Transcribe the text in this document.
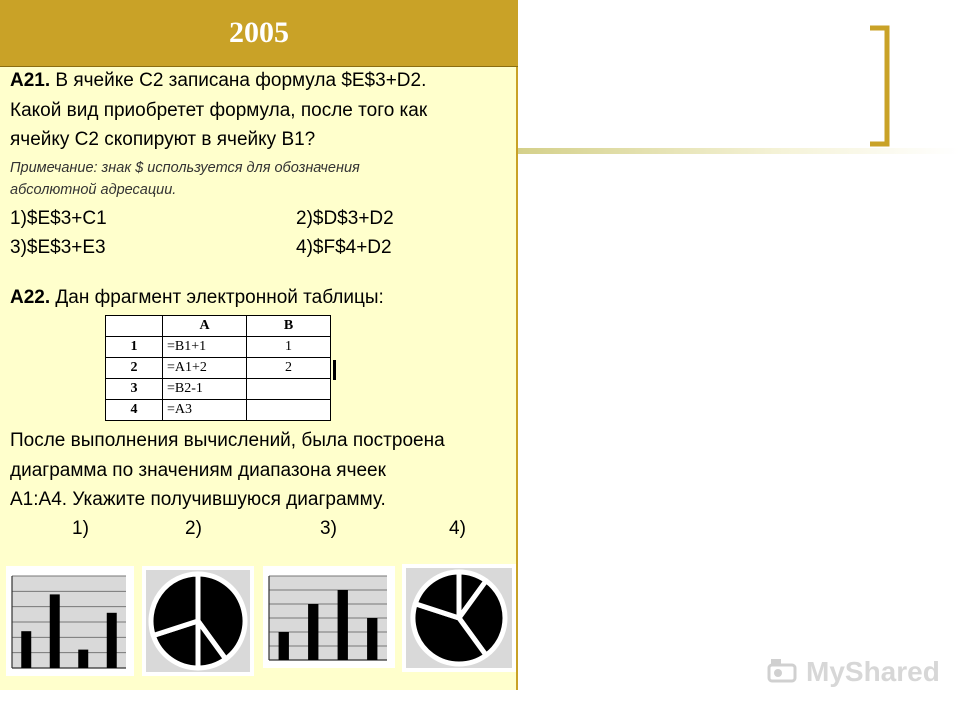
2005
A21. В ячейке С2 записана формула $E$3+D2.
Какой вид приобретет формула, после того как
ячейку С2 скопируют в ячейку В1?
Примечание: знак $ используется для обозначения
абсолютной адресации.
1)$E$3+C1	2)$D$3+D2
3)$E$3+E3	4)$F$4+D2
A22. Дан фрагмент электронной таблицы:
	A	B
1	=B1+1	1
2	=A1+2	2
3	=B2-1	
4	=A3	
После выполнения вычислений, была построена
диаграмма по значениям диапазона ячеек
A1:A4. Укажите получившуюся диаграмму.
1)	2)	3)	4)
MyShared
